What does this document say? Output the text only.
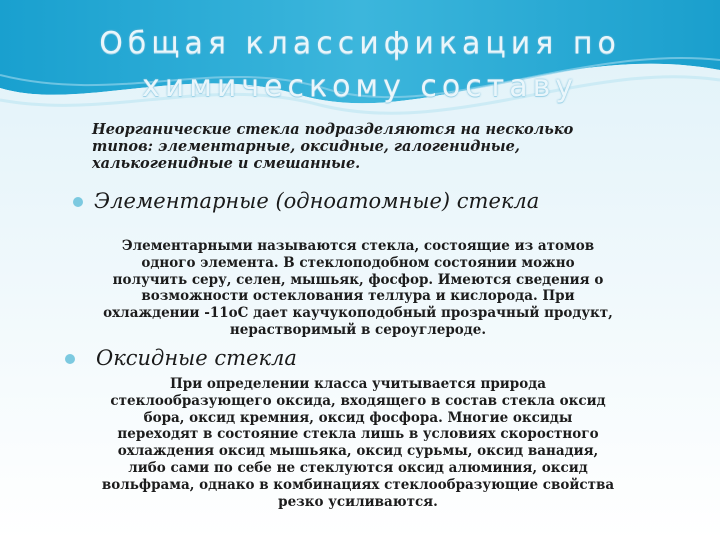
Общая классификация по
химическому составу
Неорганические стекла подразделяются на несколько
типов: элементарные, оксидные, галогенидные,
халькогенидные и смешанные.
Элементарные (одноатомные) стекла
Элементарными называются стекла, состоящие из атомов
одного элемента. В стеклоподобном состоянии можно
получить серу, селен, мышьяк, фосфор. Имеются сведения о
возможности остеклования теллура и кислорода. При
охлаждении -11оС дает каучукоподобный прозрачный продукт,
нерастворимый в сероуглероде.
Оксидные стекла
При определении класса учитывается природа
стеклообразующего оксида, входящего в состав стекла оксид
бора, оксид кремния, оксид фосфора. Многие оксиды
переходят в состояние стекла лишь в условиях скоростного
охлаждения оксид мышьяка, оксид сурьмы, оксид ванадия,
либо сами по себе не стеклуются оксид алюминия, оксид
вольфрама, однако в комбинациях стеклообразующие свойства
резко усиливаются.
